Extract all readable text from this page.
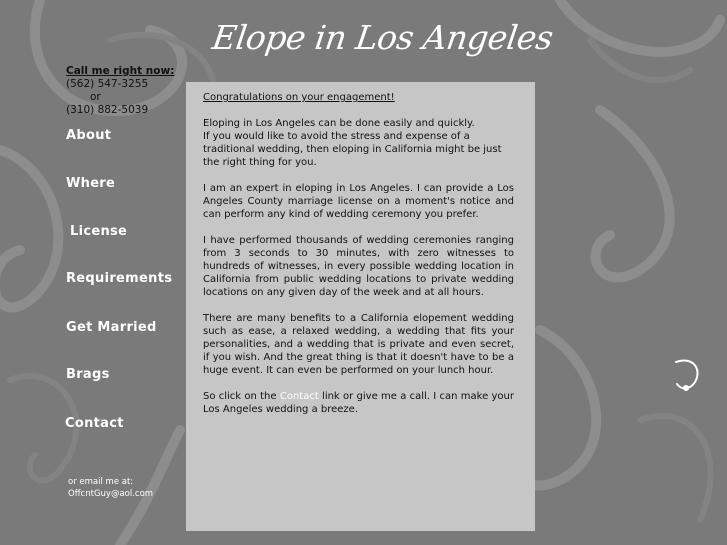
Elope in Los Angeles
Call me right now:
(562) 547-3255
or
(310) 882-5039
About
Where
License
Requirements
Get Married
Brags
Contact
or email me at:
OffcntGuy@aol.com

Congratulations on your engagement!

Eloping in Los Angeles can be done easily and quickly.
If you would like to avoid the stress and expense of a traditional wedding, then eloping in California might be just the right thing for you.

I am an expert in eloping in Los Angeles. I can provide a Los Angeles County marriage license on a moment's notice and can perform any kind of wedding ceremony you prefer.

I have performed thousands of wedding ceremonies ranging from 3 seconds to 30 minutes, with zero witnesses to hundreds of witnesses, in every possible wedding location in California from public wedding locations to private wedding locations on any given day of the week and at all hours.

There are many benefits to a California elopement wedding such as ease, a relaxed wedding, a wedding that fits your personalities, and a wedding that is private and even secret, if you wish. And the great thing is that it doesn't have to be a huge event. It can even be performed on your lunch hour.

So click on the Contact link or give me a call. I can make your Los Angeles wedding a breeze.
